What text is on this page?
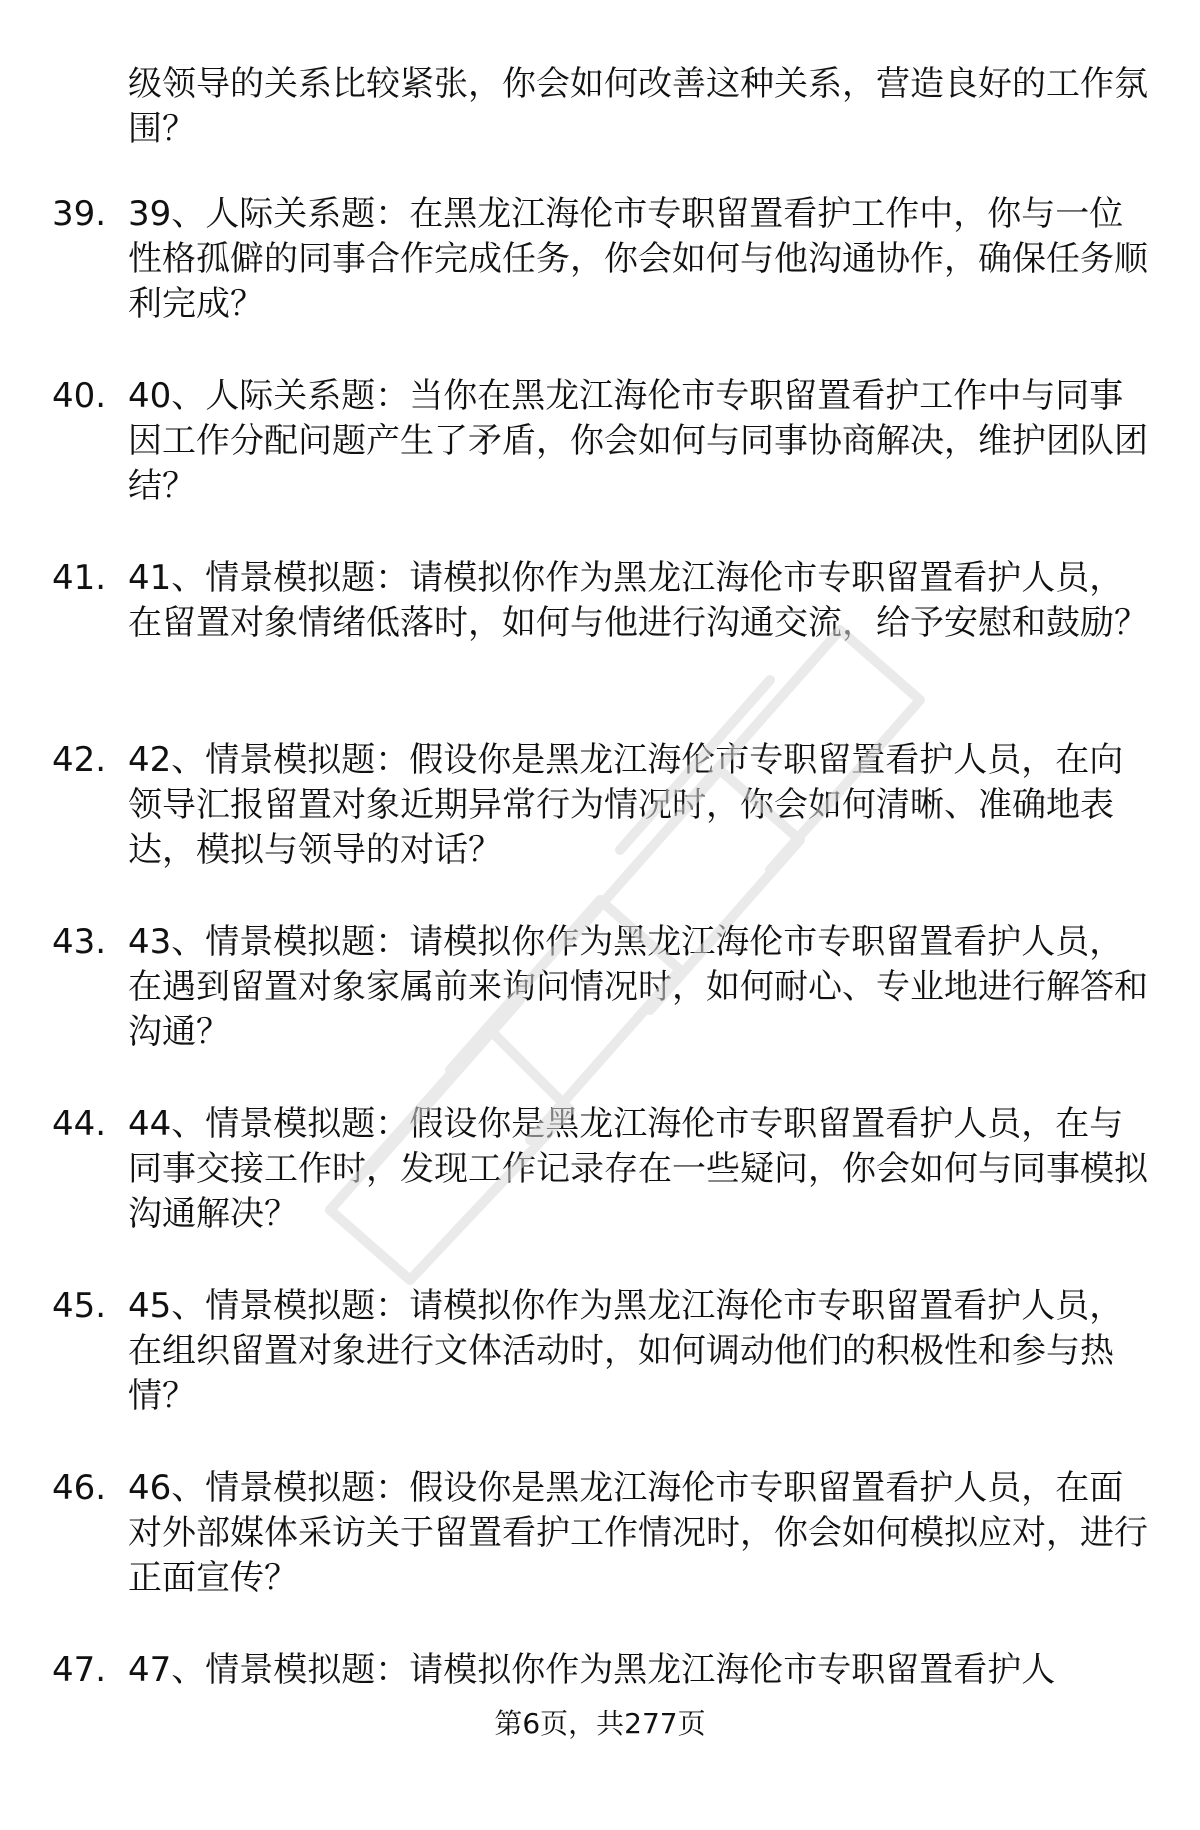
级领导的关系比较紧张，你会如何改善这种关系，营造良好的工作氛围？
39. 39、人际关系题：在黑龙江海伦市专职留置看护工作中，你与一位性格孤僻的同事合作完成任务，你会如何与他沟通协作，确保任务顺利完成？
40. 40、人际关系题：当你在黑龙江海伦市专职留置看护工作中与同事因工作分配问题产生了矛盾，你会如何与同事协商解决，维护团队团结？
41. 41、情景模拟题：请模拟你作为黑龙江海伦市专职留置看护人员，在留置对象情绪低落时，如何与他进行沟通交流，给予安慰和鼓励？
42. 42、情景模拟题：假设你是黑龙江海伦市专职留置看护人员，在向领导汇报留置对象近期异常行为情况时，你会如何清晰、准确地表达，模拟与领导的对话？
43. 43、情景模拟题：请模拟你作为黑龙江海伦市专职留置看护人员，在遇到留置对象家属前来询问情况时，如何耐心、专业地进行解答和沟通？
44. 44、情景模拟题：假设你是黑龙江海伦市专职留置看护人员，在与同事交接工作时，发现工作记录存在一些疑问，你会如何与同事模拟沟通解决？
45. 45、情景模拟题：请模拟你作为黑龙江海伦市专职留置看护人员，在组织留置对象进行文体活动时，如何调动他们的积极性和参与热情？
46. 46、情景模拟题：假设你是黑龙江海伦市专职留置看护人员，在面对外部媒体采访关于留置看护工作情况时，你会如何模拟应对，进行正面宣传？
47. 47、情景模拟题：请模拟你作为黑龙江海伦市专职留置看护人
第6页，共277页
